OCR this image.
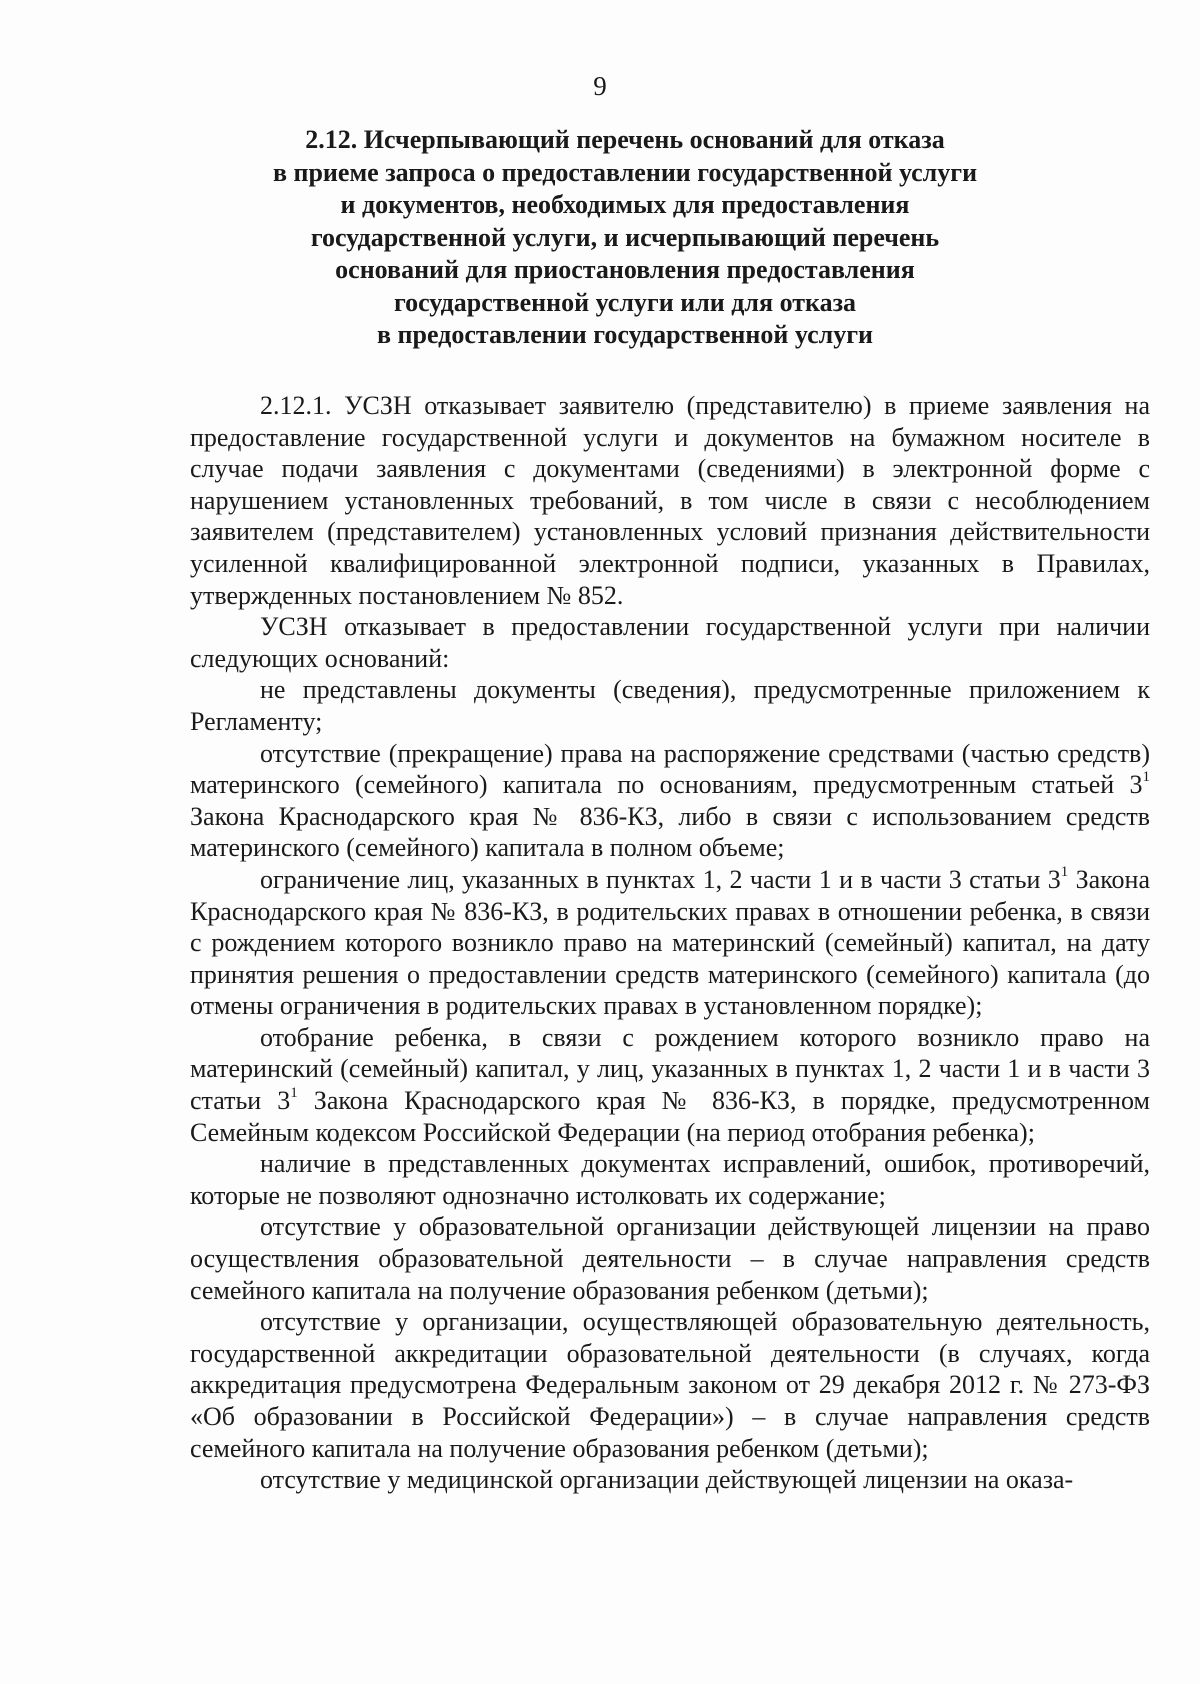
9
2.12. Исчерпывающий перечень оснований для отказа
в приеме запроса о предоставлении государственной услуги
и документов, необходимых для предоставления
государственной услуги, и исчерпывающий перечень
оснований для приостановления предоставления
государственной услуги или для отказа
в предоставлении государственной услуги

2.12.1. УСЗН отказывает заявителю (представителю) в приеме заявления на предоставление государственной услуги и документов на бумажном носителе в случае подачи заявления с документами (сведениями) в электронной форме с нарушением установленных требований, в том числе в связи с несоблюдением заявителем (представителем) установленных условий признания действительности усиленной квалифицированной электронной подписи, указанных в Правилах, утвержденных постановлением № 852.

УСЗН отказывает в предоставлении государственной услуги при наличии следующих оснований:

не представлены документы (сведения), предусмотренные приложением к Регламенту;

отсутствие (прекращение) права на распоряжение средствами (частью средств) материнского (семейного) капитала по основаниям, предусмотренным статьей $3^1$ Закона Краснодарского края № 836-КЗ, либо в связи с использованием средств материнского (семейного) капитала в полном объеме;

ограничение лиц, указанных в пунктах 1, 2 части 1 и в части 3 статьи $3^1$ Закона Краснодарского края № 836-КЗ, в родительских правах в отношении ребенка, в связи с рождением которого возникло право на материнский (семейный) капитал, на дату принятия решения о предоставлении средств материнского (семейного) капитала (до отмены ограничения в родительских правах в установленном порядке);

отобрание ребенка, в связи с рождением которого возникло право на материнский (семейный) капитал, у лиц, указанных в пунктах 1, 2 части 1 и в части 3 статьи $3^1$ Закона Краснодарского края № 836-КЗ, в порядке, предусмотренном Семейным кодексом Российской Федерации (на период отобрания ребенка);

наличие в представленных документах исправлений, ошибок, противоречий, которые не позволяют однозначно истолковать их содержание;

отсутствие у образовательной организации действующей лицензии на право осуществления образовательной деятельности – в случае направления средств семейного капитала на получение образования ребенком (детьми);

отсутствие у организации, осуществляющей образовательную деятельность, государственной аккредитации образовательной деятельности (в случаях, когда аккредитация предусмотрена Федеральным законом от 29 декабря 2012 г. № 273-ФЗ «Об образовании в Российской Федерации») – в случае направления средств семейного капитала на получение образования ребенком (детьми);

отсутствие у медицинской организации действующей лицензии на оказа-
